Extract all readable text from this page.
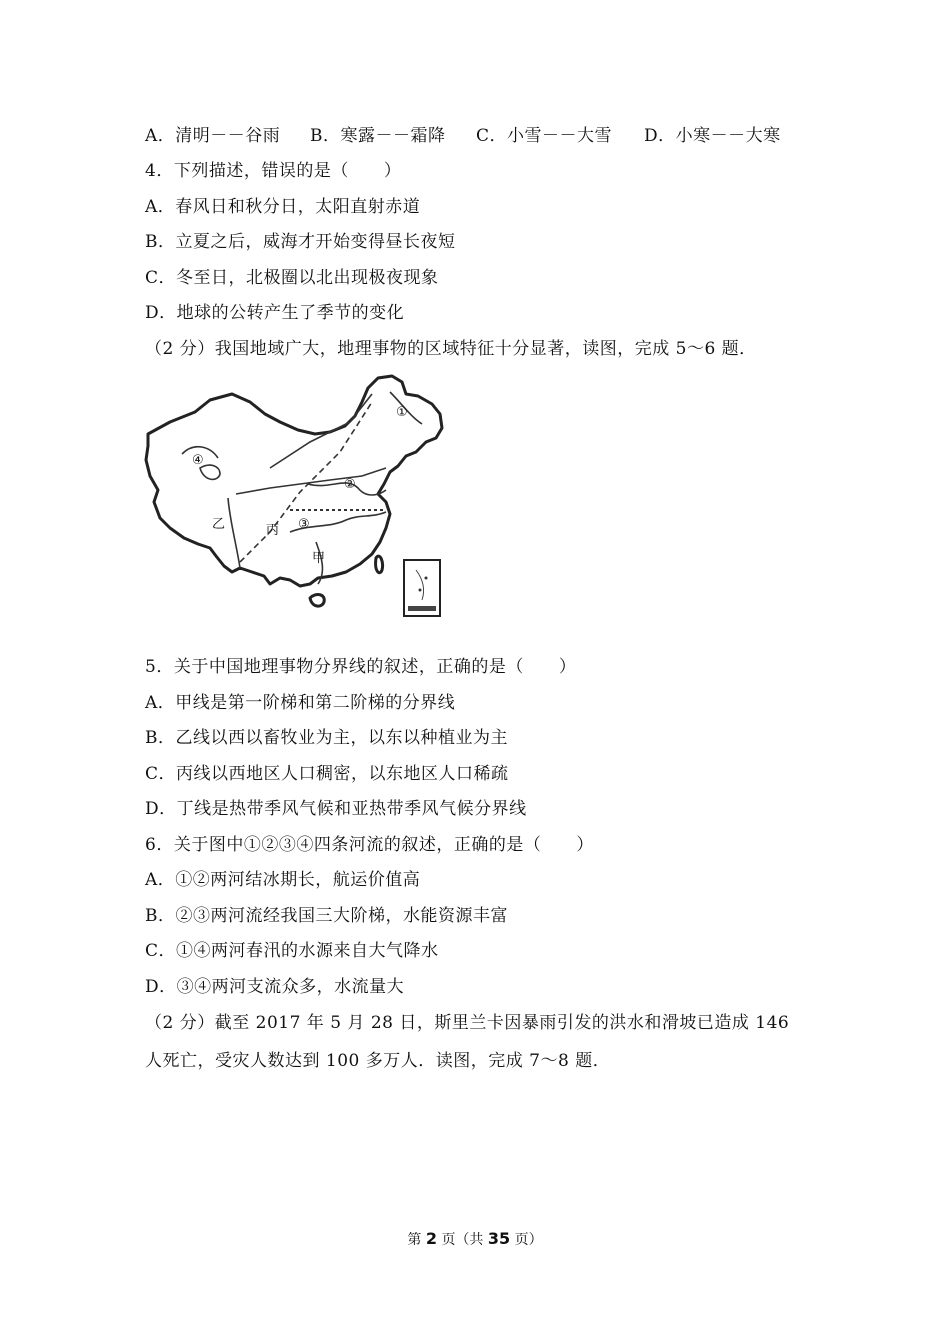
A．清明－－谷雨 B．寒露－－霜降 C．小雪－－大雪 D．小寒－－大寒
4．下列描述，错误的是（　　）
A．春风日和秋分日，太阳直射赤道
B．立夏之后，威海才开始变得昼长夜短
C．冬至日，北极圈以北出现极夜现象
D．地球的公转产生了季节的变化
（2 分）我国地域广大，地理事物的区域特征十分显著，读图，完成 5～6 题．
①
②
③
④
甲
乙	丙
5．关于中国地理事物分界线的叙述，正确的是（　　）
A．甲线是第一阶梯和第二阶梯的分界线
B．乙线以西以畜牧业为主，以东以种植业为主
C．丙线以西地区人口稠密，以东地区人口稀疏
D．丁线是热带季风气候和亚热带季风气候分界线
6．关于图中①②③④四条河流的叙述，正确的是（　　）
A．①②两河结冰期长，航运价值高
B．②③两河流经我国三大阶梯，水能资源丰富
C．①④两河春汛的水源来自大气降水
D．③④两河支流众多，水流量大
（2 分）截至 2017 年 5 月 28 日，斯里兰卡因暴雨引发的洪水和滑坡已造成 146
人死亡，受灾人数达到 100 多万人．读图，完成 7～8 题．
第 2 页（共 35 页）
